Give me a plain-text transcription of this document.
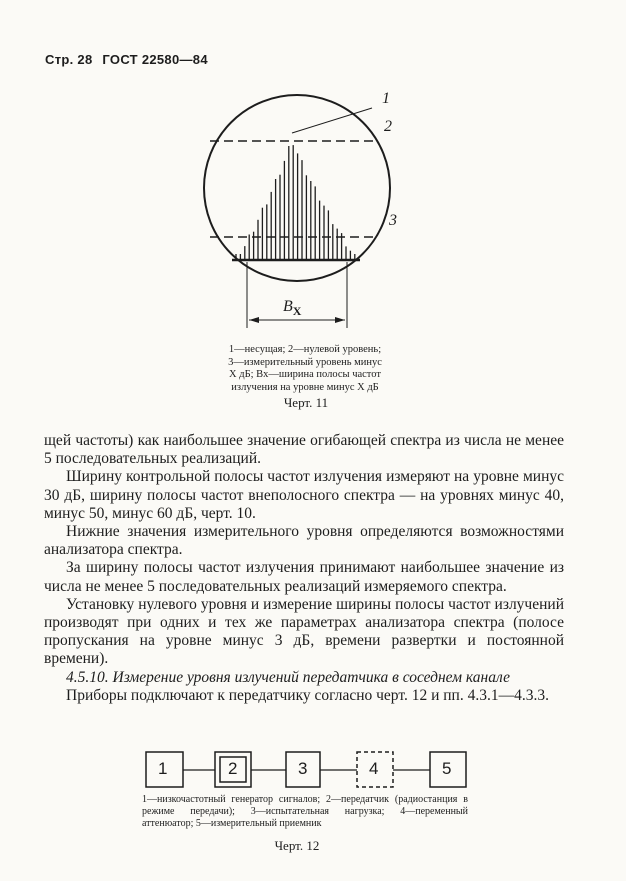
Стр. 28 ГОСТ 22580—84
1
2
3
$B_X$
1—несущая; 2—нулевой уровень;
3—измерительный уровень минус
X дБ; Bx—ширина полосы частот
излучения на уровне минус X дБ
Черт. 11

щей частоты) как наибольшее значение огибающей спектра из числа не менее 5 последовательных реализаций.

Ширину контрольной полосы частот излучения измеряют на уровне минус 30 дБ, ширину полосы частот внеполосного спектра — на уровнях минус 40, минус 50, минус 60 дБ, черт. 10.

Нижние значения измерительного уровня определяются возможностями анализатора спектра.

За ширину полосы частот излучения принимают наибольшее значение из числа не менее 5 последовательных реализаций измеряемого спектра.

Установку нулевого уровня и измерение ширины полосы частот излучений производят при одних и тех же параметрах анализатора спектра (полосе пропускания на уровне минус 3 дБ, времени развертки и постоянной времени).

4.5.10. Измерение уровня излучений передатчика в соседнем канале

Приборы подключают к передатчику согласно черт. 12 и пп. 4.3.1—4.3.3.

1	2	3	4	5
1—низкочастотный генератор сигналов; 2—передатчик (радиостанция в режиме передачи); 3—испытательная нагрузка; 4—переменный аттенюатор; 5—измерительный приемник
Черт. 12
